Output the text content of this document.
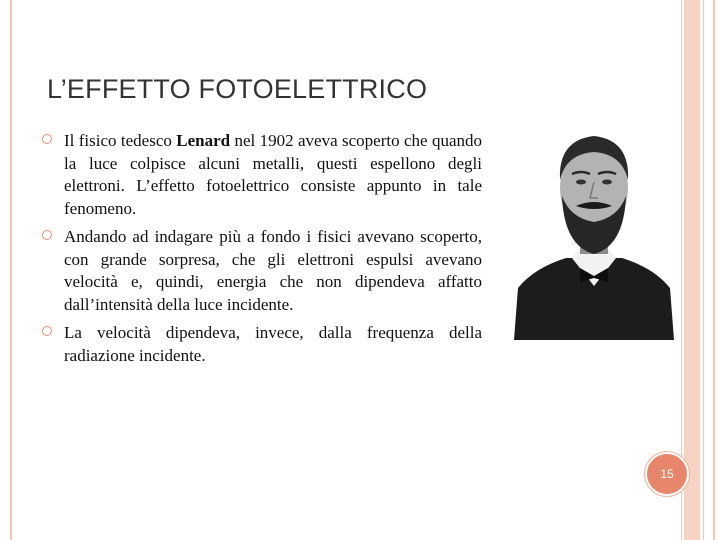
L’EFFETTO FOTOELETTRICO
Il fisico tedesco Lenard nel 1902 aveva scoperto che quando la luce colpisce alcuni metalli, questi espellono degli elettroni. L’effetto fotoelettrico consiste appunto in tale fenomeno.
Andando ad indagare più a fondo i fisici avevano scoperto, con grande sorpresa, che gli elettroni espulsi avevano velocità e, quindi, energia che non dipendeva affatto dall’intensità della luce incidente.
La velocità dipendeva, invece, dalla frequenza della radiazione incidente.
15
